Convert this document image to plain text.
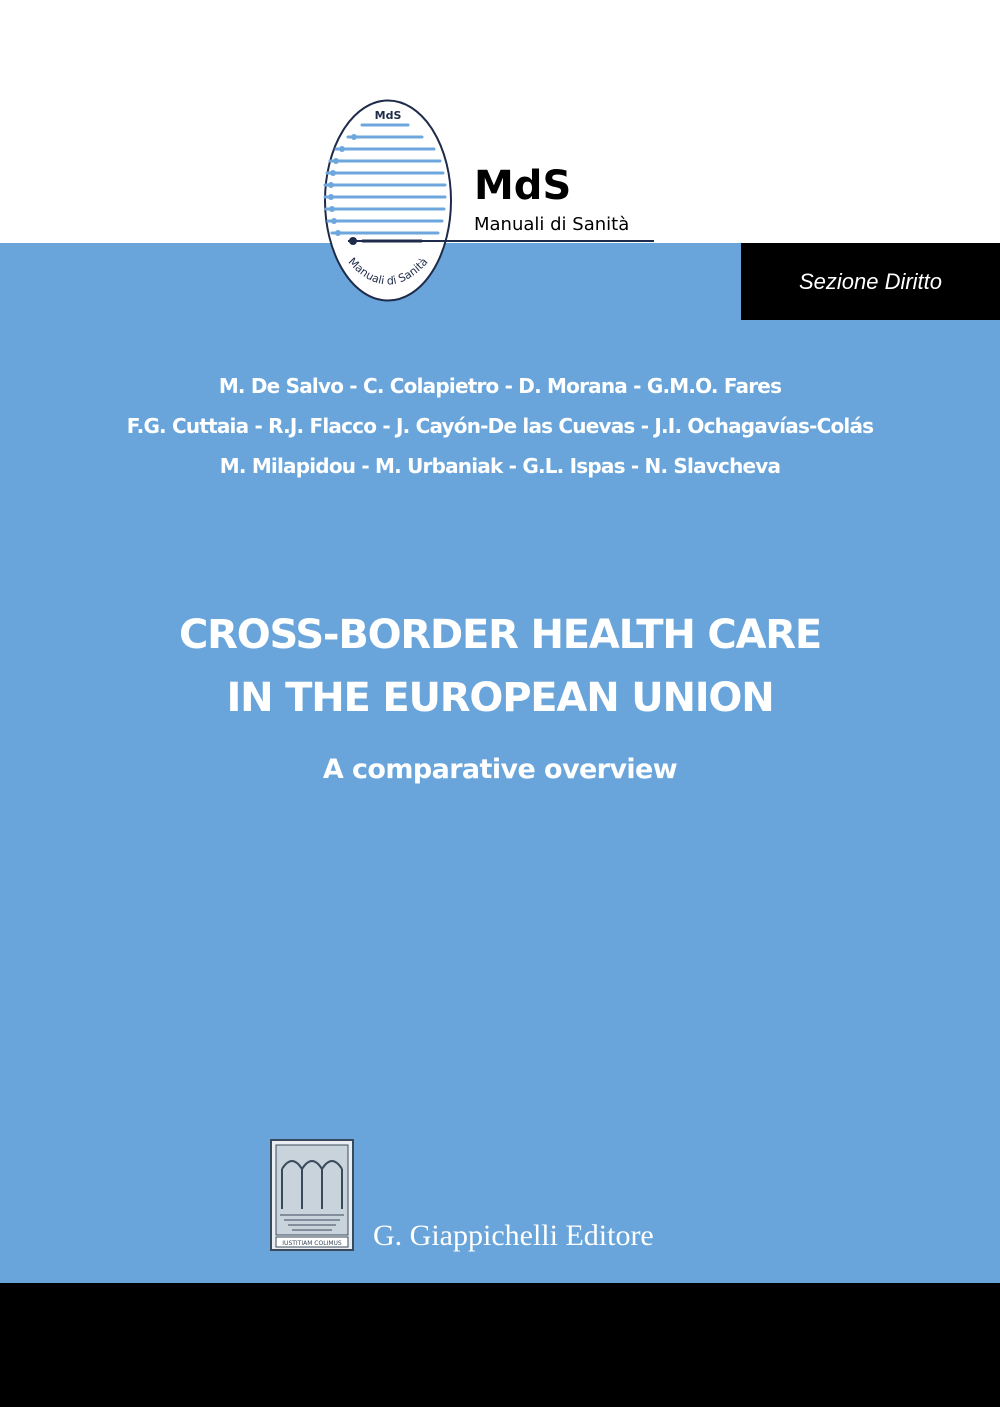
MdS
Manuali di Sanità
MdS
Manuali di Sanità
Sezione Diritto
M. De Salvo - C. Colapietro - D. Morana - G.M.O. Fares
F.G. Cuttaia - R.J. Flacco - J. Cayón-De las Cuevas - J.I. Ochagavías-Colás
M. Milapidou - M. Urbaniak - G.L. Ispas - N. Slavcheva
CROSS-BORDER HEALTH CARE
IN THE EUROPEAN UNION
A comparative overview
IUSTITIAM COLIMUS G. Giappichelli Editore
